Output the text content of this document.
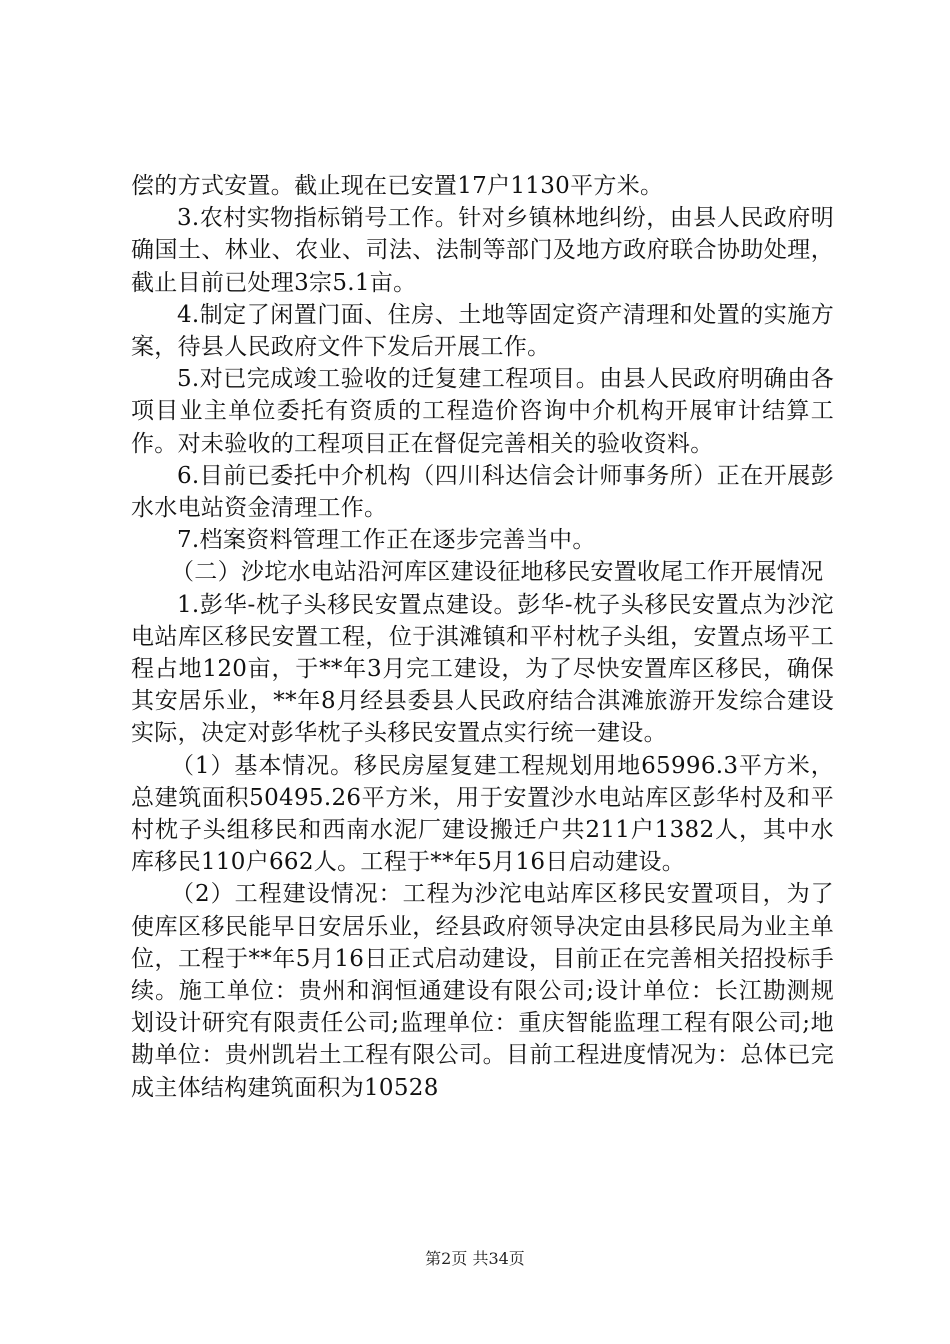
偿的方式安置。截止现在已安置17户1130平方米。

3.农村实物指标销号工作。针对乡镇林地纠纷，由县人民政府明确国土、林业、农业、司法、法制等部门及地方政府联合协助处理，截止目前已处理3宗5.1亩。

4.制定了闲置门面、住房、土地等固定资产清理和处置的实施方案，待县人民政府文件下发后开展工作。

5.对已完成竣工验收的迁复建工程项目。由县人民政府明确由各项目业主单位委托有资质的工程造价咨询中介机构开展审计结算工作。对未验收的工程项目正在督促完善相关的验收资料。

6.目前已委托中介机构（四川科达信会计师事务所）正在开展彭水水电站资金清理工作。

7.档案资料管理工作正在逐步完善当中。

（二）沙坨水电站沿河库区建设征地移民安置收尾工作开展情况

1.彭华-枕子头移民安置点建设。彭华-枕子头移民安置点为沙沱电站库区移民安置工程，位于淇滩镇和平村枕子头组，安置点场平工程占地120亩，于**年3月完工建设，为了尽快安置库区移民，确保其安居乐业，**年8月经县委县人民政府结合淇滩旅游开发综合建设实际，决定对彭华枕子头移民安置点实行统一建设。

（1）基本情况。移民房屋复建工程规划用地65996.3平方米，总建筑面积50495.26平方米，用于安置沙水电站库区彭华村及和平村枕子头组移民和西南水泥厂建设搬迁户共211户1382人，其中水库移民110户662人。工程于**年5月16日启动建设。

（2）工程建设情况：工程为沙沱电站库区移民安置项目，为了使库区移民能早日安居乐业，经县政府领导决定由县移民局为业主单位，工程于**年5月16日正式启动建设，目前正在完善相关招投标手续。施工单位：贵州和润恒通建设有限公司;设计单位：长江勘测规划设计研究有限责任公司;监理单位：重庆智能监理工程有限公司;地勘单位：贵州凯岩土工程有限公司。目前工程进度情况为：总体已完成主体结构建筑面积为10528

第2页 共34页
